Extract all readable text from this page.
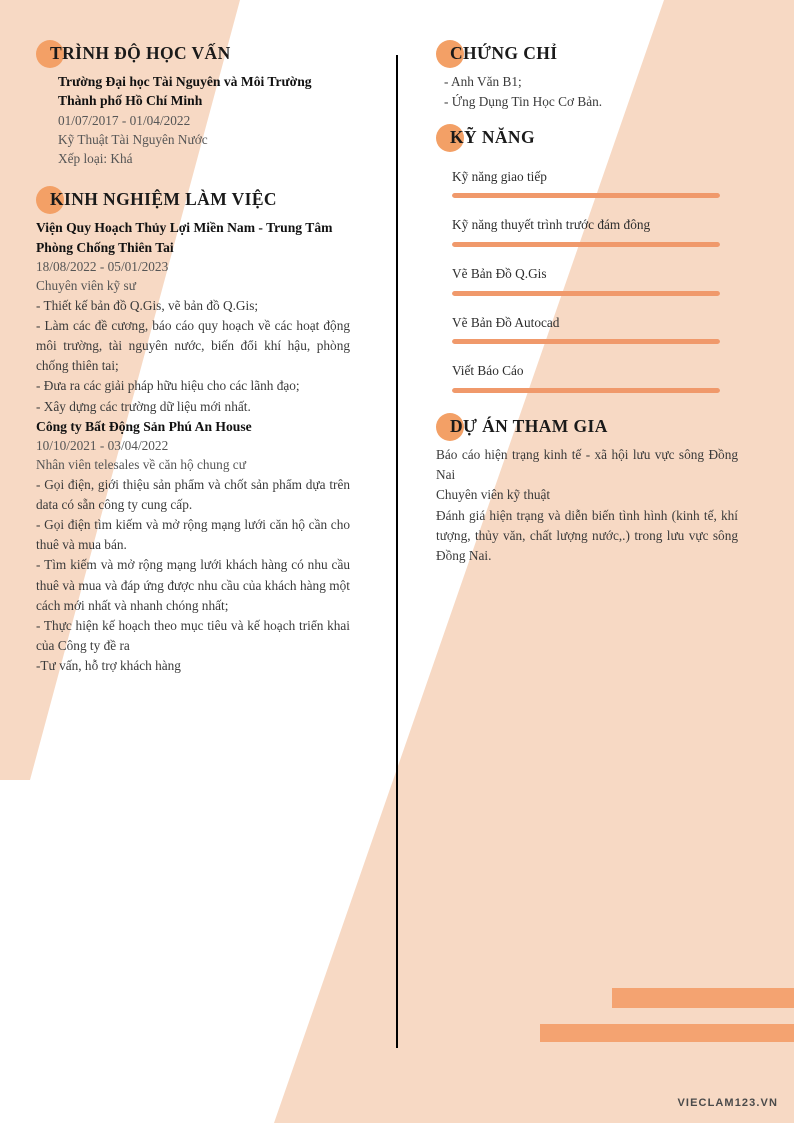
TRÌNH ĐỘ HỌC VẤN

Trường Đại học Tài Nguyên và Môi Trường

Thành phố Hồ Chí Minh

01/07/2017 - 01/04/2022

Kỹ Thuật Tài Nguyên Nước

Xếp loại: Khá

KINH NGHIỆM LÀM VIỆC

Viện Quy Hoạch Thủy Lợi Miền Nam - Trung Tâm Phòng Chống Thiên Tai

18/08/2022 - 05/01/2023

Chuyên viên kỹ sư

- Thiết kế bản đồ Q.Gis, vẽ bản đồ Q.Gis;

- Làm các đề cương, báo cáo quy hoạch về các hoạt động môi trường, tài nguyên nước, biến đổi khí hậu, phòng chống thiên tai;

- Đưa ra các giải pháp hữu hiệu cho các lãnh đạo;

- Xây dựng các trường dữ liệu mới nhất.

Công ty Bất Động Sản Phú An House

10/10/2021 - 03/04/2022

Nhân viên telesales về căn hộ chung cư

- Gọi điện, giới thiệu sản phẩm và chốt sản phẩm dựa trên data có sẵn công ty cung cấp.

- Gọi điện tìm kiếm và mở rộng mạng lưới căn hộ cần cho thuê và mua bán.

- Tìm kiếm và mở rộng mạng lưới khách hàng có nhu cầu thuê và mua và đáp ứng được nhu cầu của khách hàng một cách mới nhất và nhanh chóng nhất;

- Thực hiện kế hoạch theo mục tiêu và kế hoạch triển khai của Công ty đề ra

-Tư vấn, hỗ trợ khách hàng

CHỨNG CHỈ

- Anh Văn B1;

- Ứng Dụng Tin Học Cơ Bản.

KỸ NĂNG

Kỹ năng giao tiếp

Kỹ năng thuyết trình trước đám đông

Vẽ Bản Đồ Q.Gis

Vẽ Bản Đồ Autocad

Viết Báo Cáo

DỰ ÁN THAM GIA

Báo cáo hiện trạng kinh tế - xã hội lưu vực sông Đồng Nai

Chuyên viên kỹ thuật

Đánh giá hiện trạng và diễn biến tình hình (kinh tế, khí tượng, thủy văn, chất lượng nước,.) trong lưu vực sông Đồng Nai.

VIECLAM123.VN
